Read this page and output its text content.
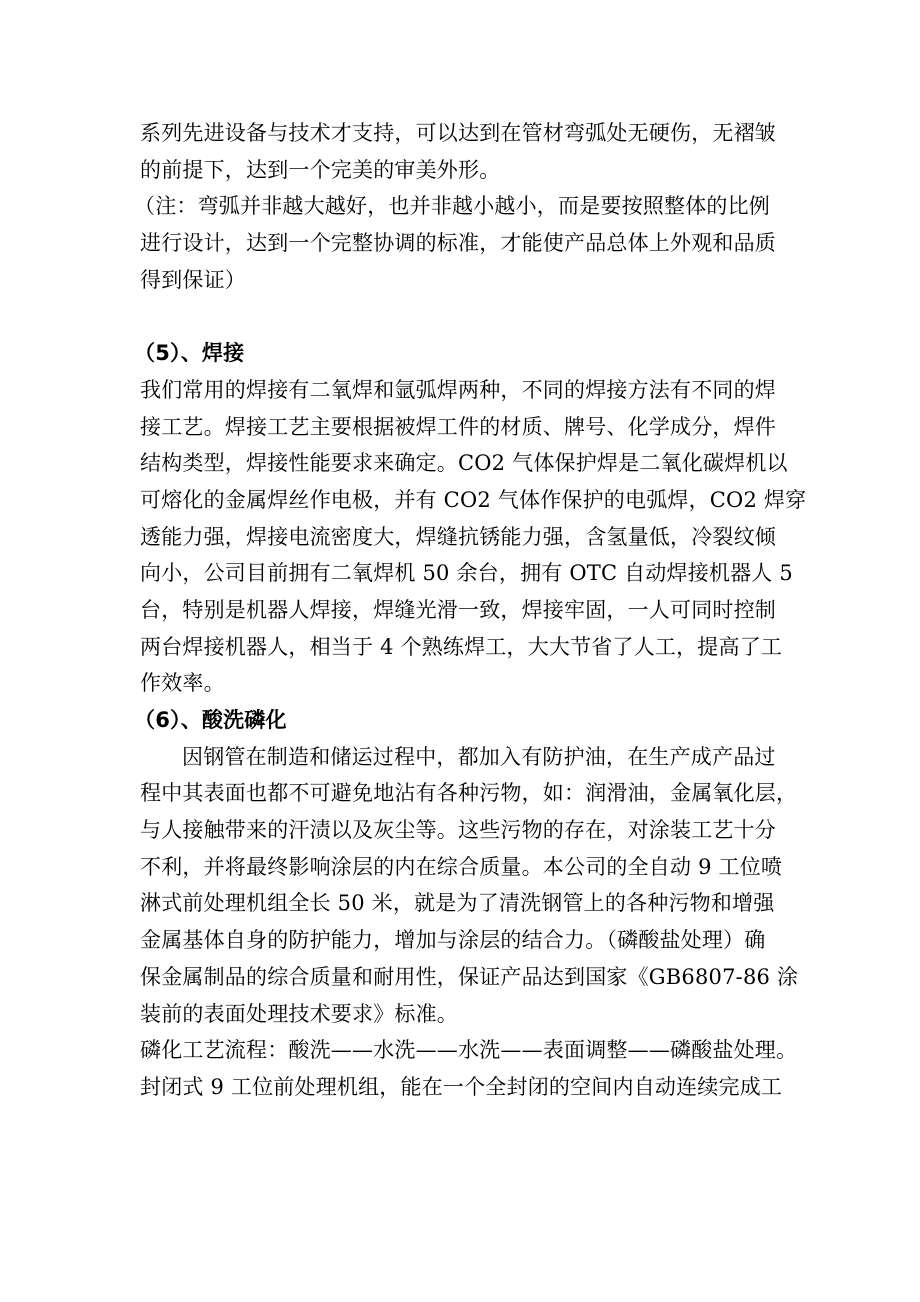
系列先进设备与技术才支持，可以达到在管材弯弧处无硬伤，无褶皱
的前提下，达到一个完美的审美外形。
（注：弯弧并非越大越好，也并非越小越小，而是要按照整体的比例
进行设计，达到一个完整协调的标准，才能使产品总体上外观和品质
得到保证）
（5）、焊接
我们常用的焊接有二氧焊和氩弧焊两种，不同的焊接方法有不同的焊
接工艺。焊接工艺主要根据被焊工件的材质、牌号、化学成分，焊件
结构类型，焊接性能要求来确定。CO2 气体保护焊是二氧化碳焊机以
可熔化的金属焊丝作电极，并有 CO2 气体作保护的电弧焊，CO2 焊穿
透能力强，焊接电流密度大，焊缝抗锈能力强，含氢量低，冷裂纹倾
向小，公司目前拥有二氧焊机 50 余台，拥有 OTC 自动焊接机器人 5
台，特别是机器人焊接，焊缝光滑一致，焊接牢固，一人可同时控制
两台焊接机器人，相当于 4 个熟练焊工，大大节省了人工，提高了工
作效率。
（6）、酸洗磷化
因钢管在制造和储运过程中，都加入有防护油，在生产成产品过
程中其表面也都不可避免地沾有各种污物，如：润滑油，金属氧化层，
与人接触带来的汗渍以及灰尘等。这些污物的存在，对涂装工艺十分
不利，并将最终影响涂层的内在综合质量。本公司的全自动 9 工位喷
淋式前处理机组全长 50 米，就是为了清洗钢管上的各种污物和增强
金属基体自身的防护能力，增加与涂层的结合力。（磷酸盐处理）确
保金属制品的综合质量和耐用性，保证产品达到国家《GB6807-86 涂
装前的表面处理技术要求》标准。
磷化工艺流程：酸洗——水洗——水洗——表面调整——磷酸盐处理。
封闭式 9 工位前处理机组，能在一个全封闭的空间内自动连续完成工
